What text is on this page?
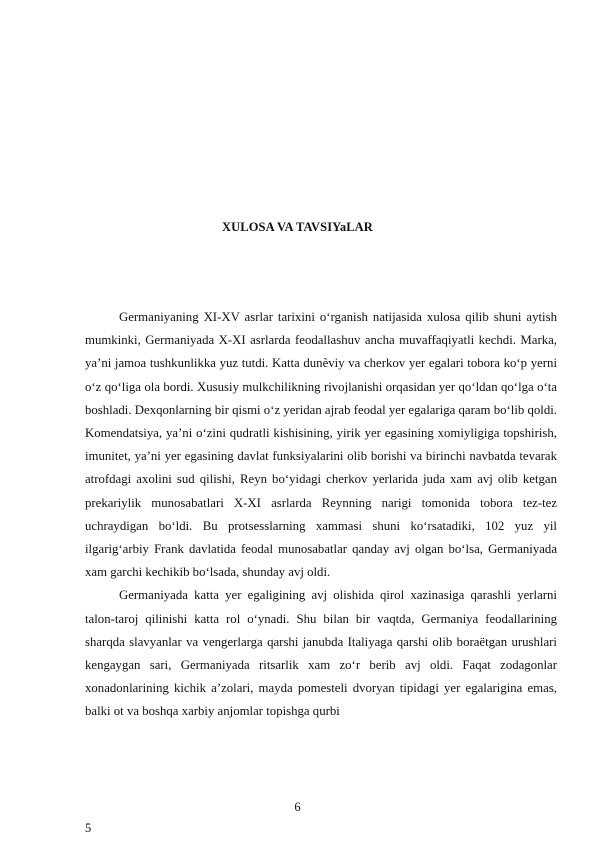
XULOSA VA TAVSIYaLAR

Germaniyaning XI-XV asrlar tarixini o‘rganish natijasida xulosa qilib shuni aytish mumkinki, Germaniyada X-XI asrlarda feodallashuv ancha muvaffaqiyatli kechdi. Marka, ya’ni jamoa tushkunlikka yuz tutdi. Katta dunѐviy va cherkov yer egalari tobora ko‘p yerni o‘z qo‘liga ola bordi. Xususiy mulkchilikning rivojlanishi orqasidan yer qo‘ldan qo‘lga o‘ta boshladi. Dexqonlarning bir qismi o‘z yeridan ajrab feodal yer egalariga qaram bo‘lib qoldi. Komendatsiya, ya’ni o‘zini qudratli kishisining, yirik yer egasining xomiyligiga topshirish, imunitet, ya’ni yer egasining davlat funksiyalarini olib borishi va birinchi navbatda tevarak atrofdagi axolini sud qilishi, Reyn bo‘yidagi cherkov yerlarida juda xam avj olib ketgan prekariylik munosabatlari X-XI asrlarda Reynning narigi tomonida tobora tez-tez uchraydigan bo‘ldi. Bu protsesslarning xammasi shuni ko‘rsatadiki, 102 yuz yil ilgarig‘arbiy Frank davlatida feodal munosabatlar qanday avj olgan bo‘lsa, Germaniyada xam garchi kechikib bo‘lsada, shunday avj oldi.

Germaniyada katta yer egaligining avj olishida qirol xazinasiga qarashli yerlarni talon-taroj qilinishi katta rol o‘ynadi. Shu bilan bir vaqtda, Germaniya feodallarining sharqda slavyanlar va vengerlarga qarshi janubda Italiyaga qarshi olib boraёtgan urushlari kengaygan sari, Germaniyada ritsarlik xam zo‘r berib avj oldi. Faqat zodagonlar xonadonlarining kichik a’zolari, mayda pomesteli dvoryan tipidagi yer egalarigina emas, balki ot va boshqa xarbiy anjomlar topishga qurbi

6
5
